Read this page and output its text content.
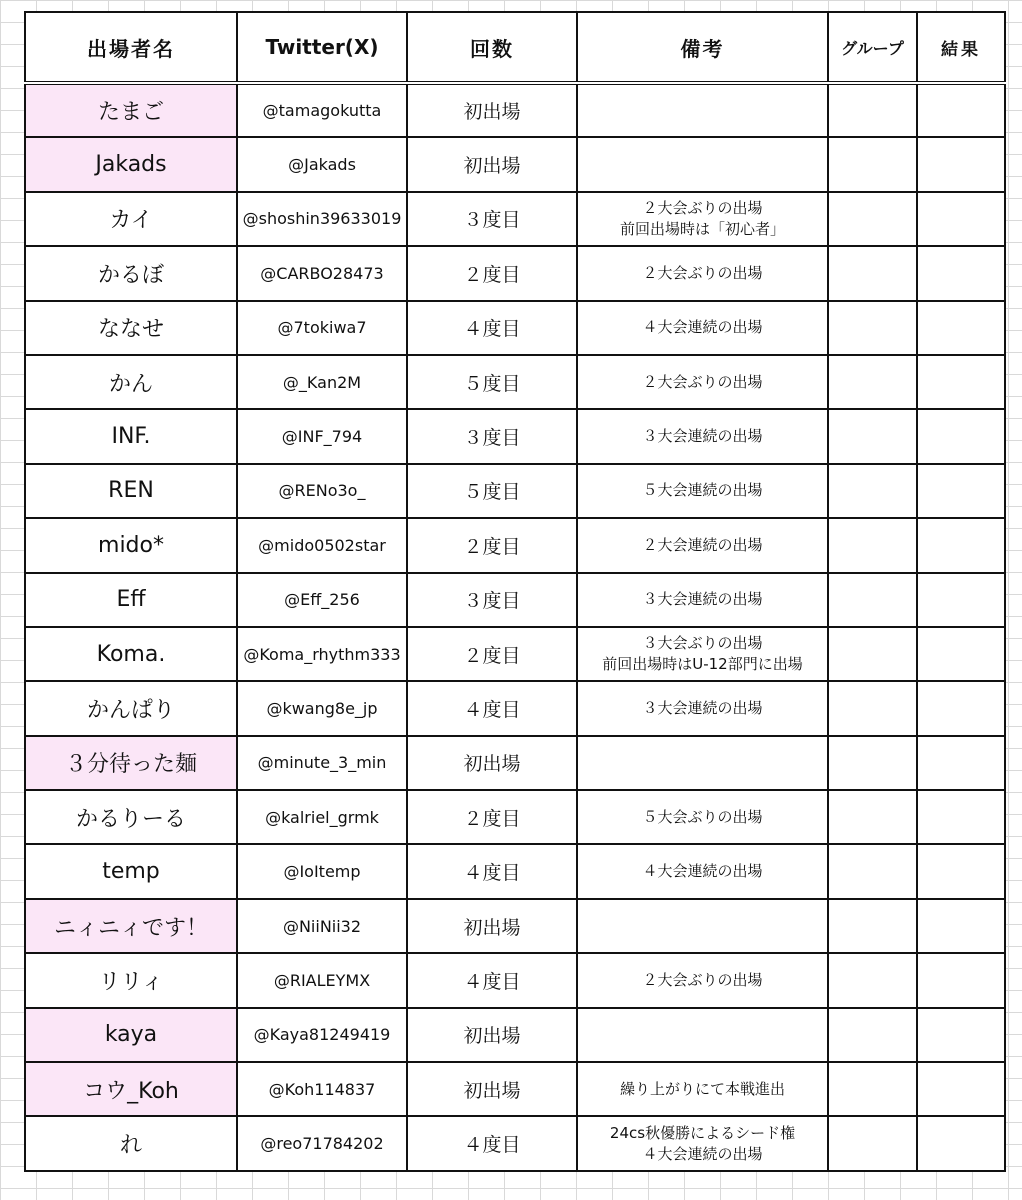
出場者名	Twitter(X)	回数	備考	グループ	結果
たまご	@tamagokutta	初出場			
Jakads	@Jakads	初出場			
カイ	@shoshin39633019	３度目	２大会ぶりの出場
前回出場時は「初心者」		

かるぼ	@CARBO28473	２度目	２大会ぶりの出場		

ななせ	@7tokiwa7	４度目	４大会連続の出場		

かん	@_Kan2M	５度目	２大会ぶりの出場		

INF.	@INF_794	３度目	３大会連続の出場		

REN	@RENo3o_	５度目	５大会連続の出場		

mido*	@mido0502star	２度目	２大会連続の出場		

Eff	@Eff_256	３度目	３大会連続の出場		

Koma.	@Koma_rhythm333	２度目	３大会ぶりの出場
前回出場時はU-12部門に出場		

かんぱり	@kwang8e_jp	４度目	３大会連続の出場		

３分待った麺	@minute_3_min	初出場			
かるりーる	@kalriel_grmk	２度目	５大会ぶりの出場		

temp	@IoItemp	４度目	４大会連続の出場		

ニィニィです！	@NiiNii32	初出場			
リリィ	@RIALEYMX	４度目	２大会ぶりの出場		

kaya	@Kaya81249419	初出場			
コウ_Koh	@Koh114837	初出場	繰り上がりにて本戦進出		

れ	@reo71784202	４度目	24cs秋優勝によるシード権
４大会連続の出場		
